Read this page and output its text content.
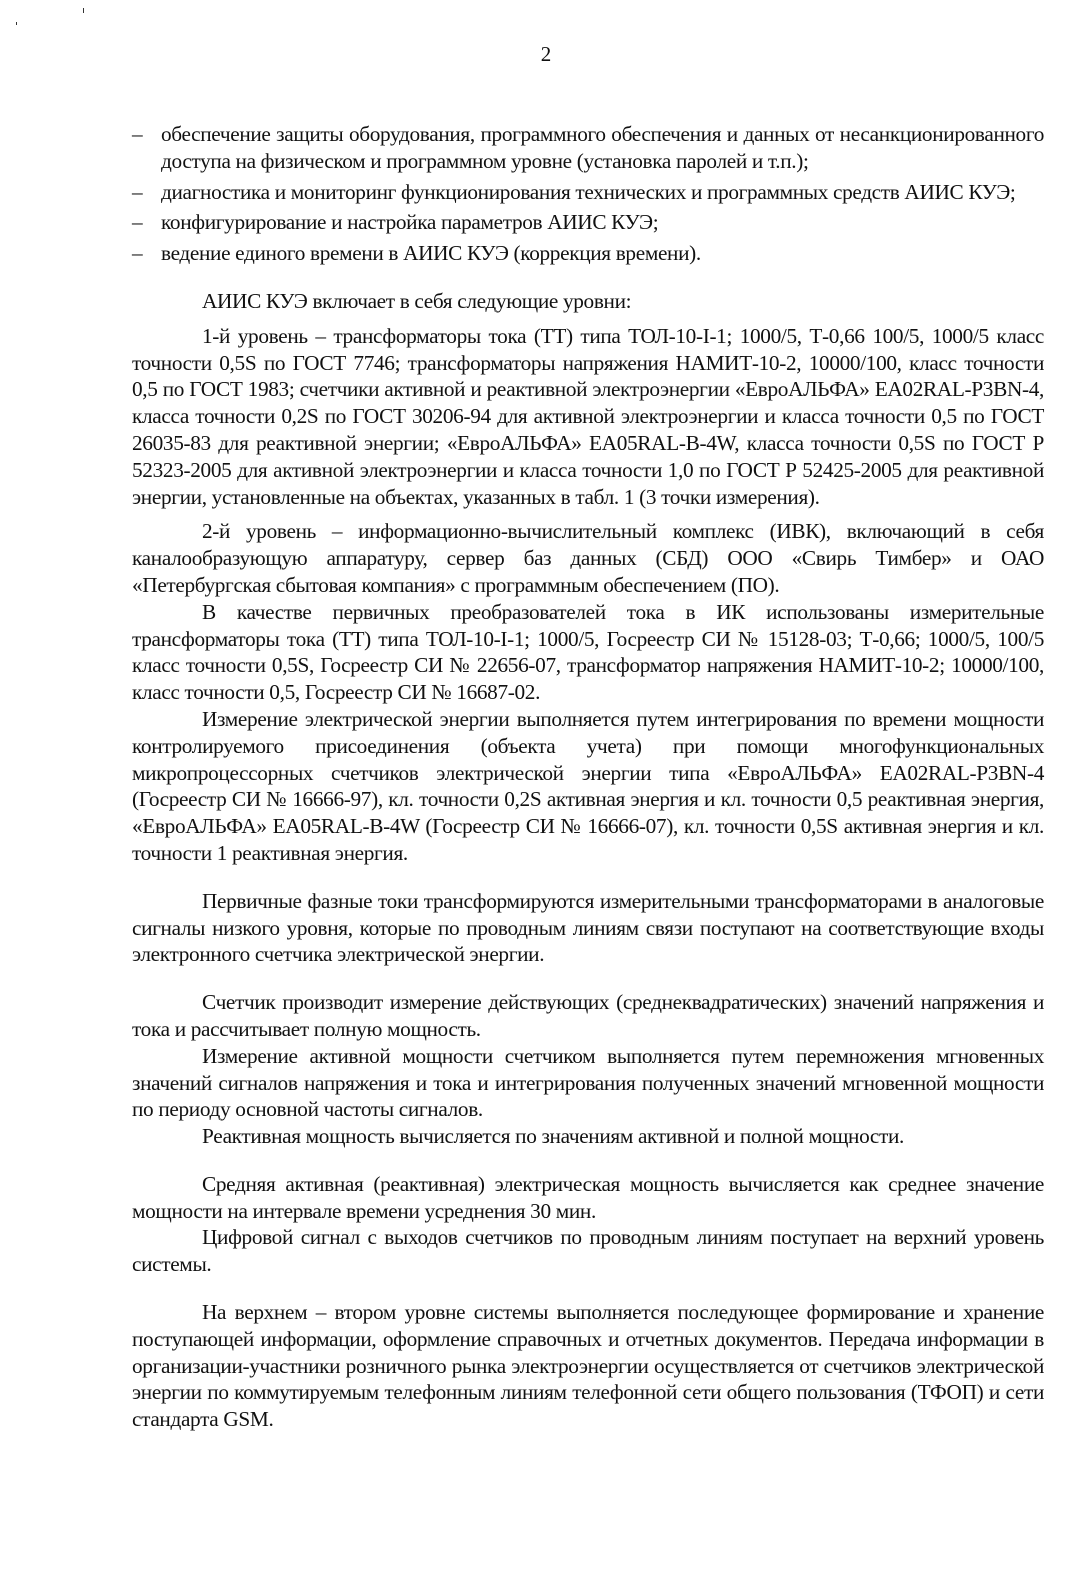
2
– обеспечение защиты оборудования, программного обеспечения и данных от несанкционированного доступа на физическом и программном уровне (установка паролей и т.п.);
– диагностика и мониторинг функционирования технических и программных средств АИИС КУЭ;
– конфигурирование и настройка параметров АИИС КУЭ;
– ведение единого времени в АИИС КУЭ (коррекция времени).

АИИС КУЭ включает в себя следующие уровни:

1-й уровень – трансформаторы тока (ТТ) типа ТОЛ-10-I-1; 1000/5, Т-0,66 100/5, 1000/5 класс точности 0,5S по ГОСТ 7746; трансформаторы напряжения НАМИТ-10-2, 10000/100, класс точности 0,5 по ГОСТ 1983; счетчики активной и реактивной электроэнергии «ЕвроАЛЬФА» EA02RAL-P3BN-4, класса точности 0,2S по ГОСТ 30206-94 для активной электроэнергии и класса точности 0,5 по ГОСТ 26035-83 для реактивной энергии; «ЕвроАЛЬФА» EA05RAL-B-4W, класса точности 0,5S по ГОСТ Р 52323-2005 для активной электроэнергии и класса точности 1,0 по ГОСТ Р 52425-2005 для реактивной энергии, установленные на объектах, указанных в табл. 1 (3 точки измерения).

2-й уровень – информационно-вычислительный комплекс (ИВК), включающий в себя каналообразующую аппаратуру, сервер баз данных (СБД) ООО «Свирь Тимбер» и ОАО «Петербургская сбытовая компания» с программным обеспечением (ПО).

В качестве первичных преобразователей тока в ИК использованы измерительные трансформаторы тока (ТТ) типа ТОЛ-10-I-1; 1000/5, Госреестр СИ № 15128-03; Т-0,66; 1000/5, 100/5 класс точности 0,5S, Госреестр СИ № 22656-07, трансформатор напряжения НАМИТ-10-2; 10000/100, класс точности 0,5, Госреестр СИ № 16687-02.

Измерение электрической энергии выполняется путем интегрирования по времени мощности контролируемого присоединения (объекта учета) при помощи многофункциональных микропроцессорных счетчиков электрической энергии типа «ЕвроАЛЬФА» EA02RAL-P3BN-4 (Госреестр СИ № 16666-97), кл. точности 0,2S активная энергия и кл. точности 0,5 реактивная энергия, «ЕвроАЛЬФА» EA05RAL-B-4W (Госреестр СИ № 16666-07), кл. точности 0,5S активная энергия и кл. точности 1 реактивная энергия.

Первичные фазные токи трансформируются измерительными трансформаторами в аналоговые сигналы низкого уровня, которые по проводным линиям связи поступают на соответствующие входы электронного счетчика электрической энергии.

Счетчик производит измерение действующих (среднеквадратических) значений напряжения и тока и рассчитывает полную мощность.

Измерение активной мощности счетчиком выполняется путем перемножения мгновенных значений сигналов напряжения и тока и интегрирования полученных значений мгновенной мощности по периоду основной частоты сигналов.

Реактивная мощность вычисляется по значениям активной и полной мощности.

Средняя активная (реактивная) электрическая мощность вычисляется как среднее значение мощности на интервале времени усреднения 30 мин.

Цифровой сигнал с выходов счетчиков по проводным линиям поступает на верхний уровень системы.

На верхнем – втором уровне системы выполняется последующее формирование и хранение поступающей информации, оформление справочных и отчетных документов. Передача информации в организации-участники розничного рынка электроэнергии осуществляется от счетчиков электрической энергии по коммутируемым телефонным линиям телефонной сети общего пользования (ТФОП) и сети стандарта GSM.
